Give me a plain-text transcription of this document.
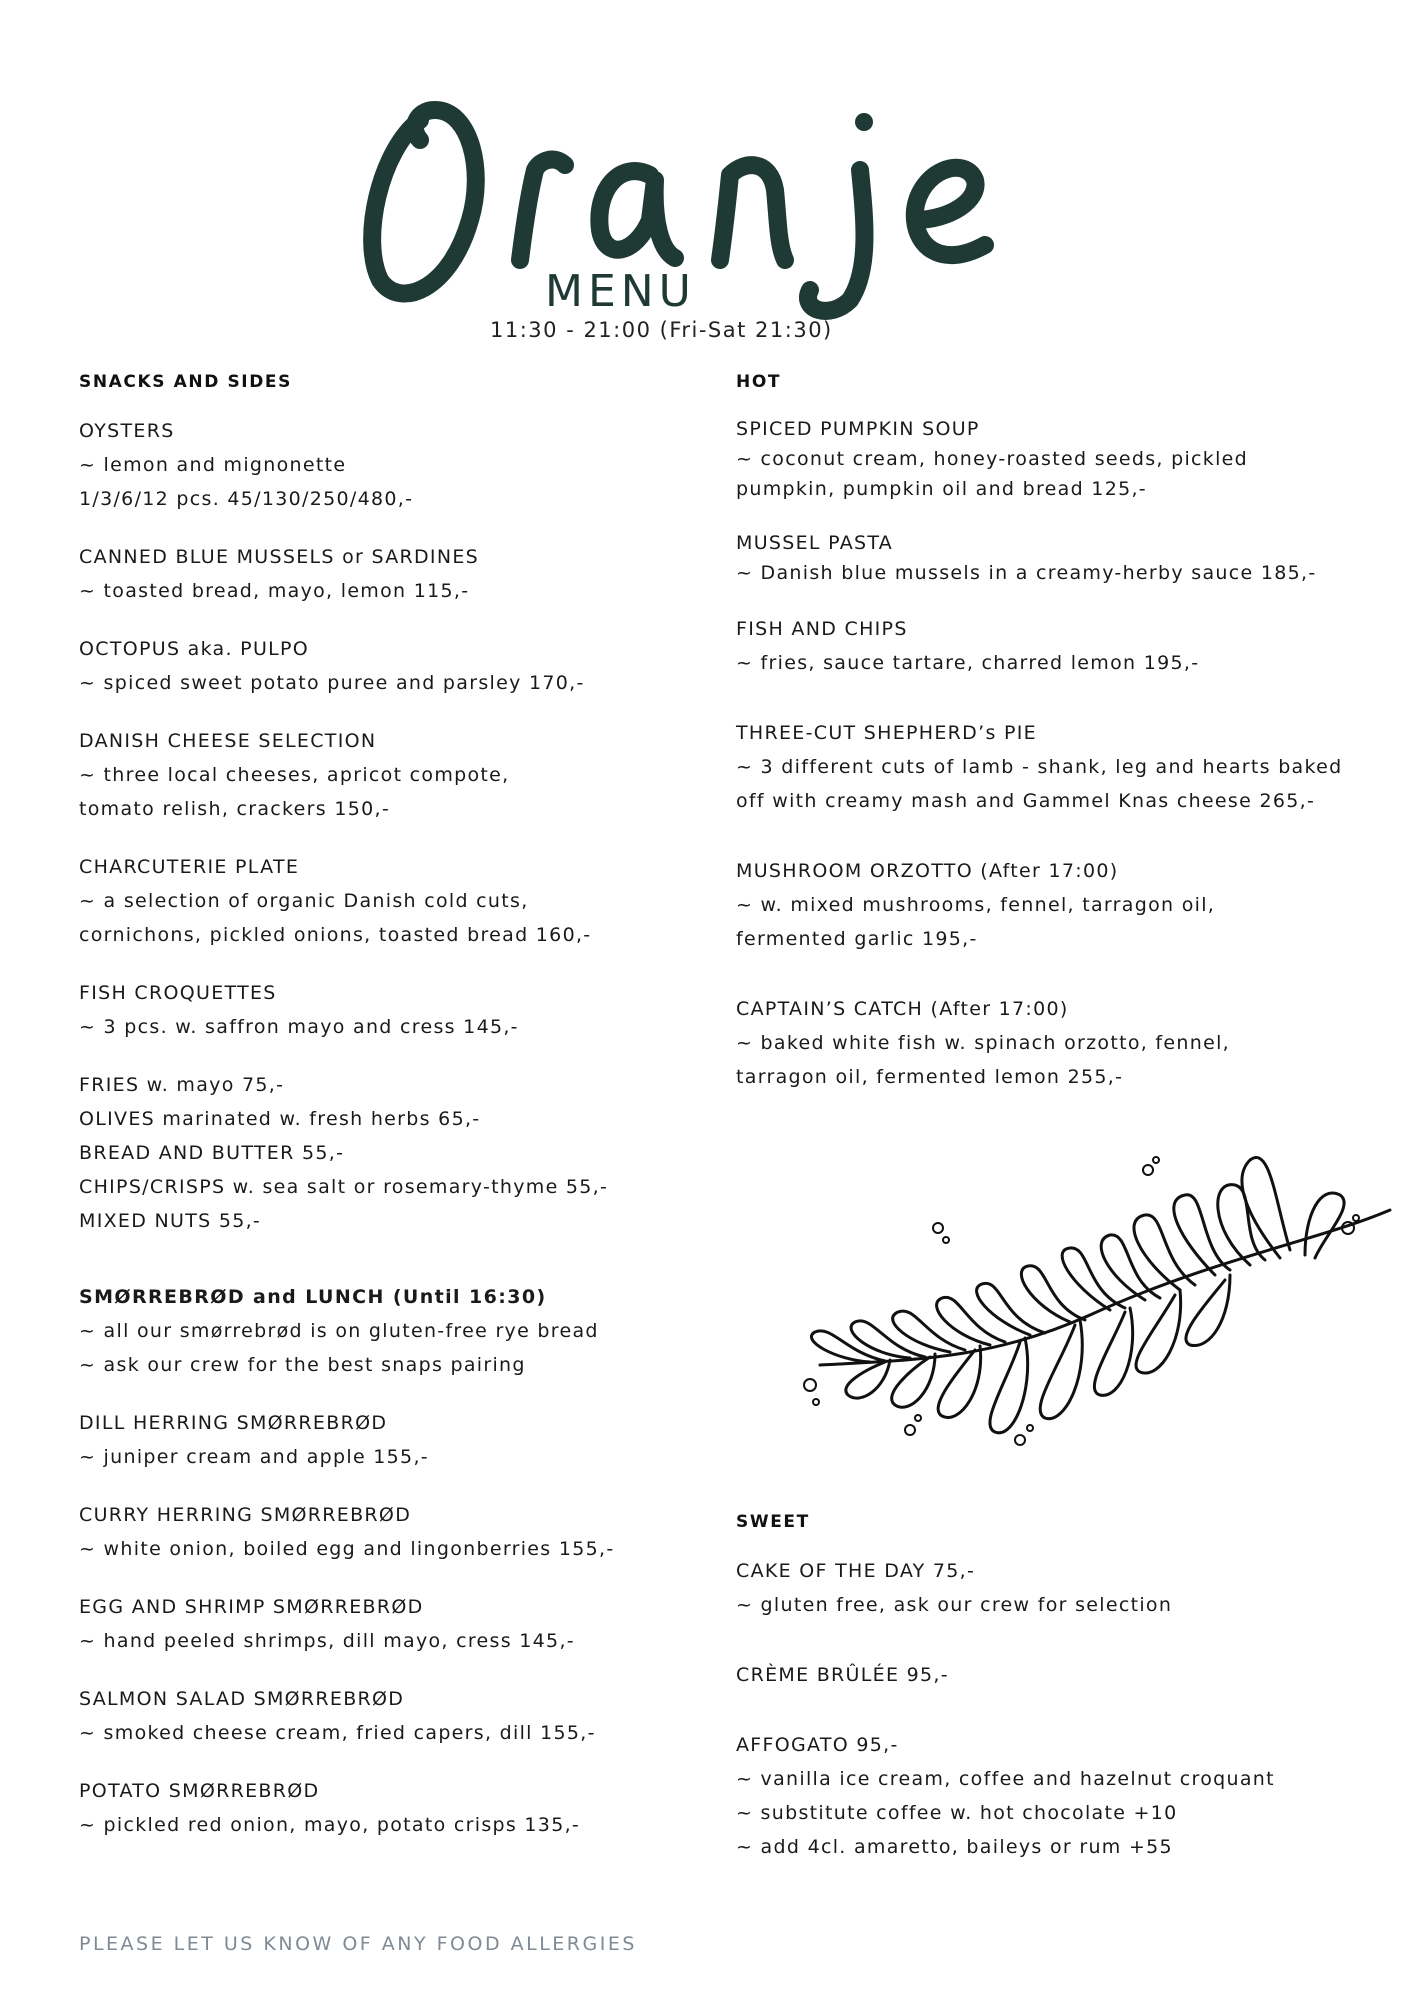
MENU
11:30 - 21:00 (Fri-Sat 21:30)
SNACKS AND SIDES
OYSTERS
~ lemon and mignonette
1/3/6/12 pcs. 45/130/250/480,-
CANNED BLUE MUSSELS or SARDINES
~ toasted bread, mayo, lemon 115,-
OCTOPUS aka. PULPO
~ spiced sweet potato puree and parsley 170,-
DANISH CHEESE SELECTION
~ three local cheeses, apricot compote,
tomato relish, crackers 150,-
CHARCUTERIE PLATE
~ a selection of organic Danish cold cuts,
cornichons, pickled onions, toasted bread 160,-
FISH CROQUETTES
~ 3 pcs. w. saffron mayo and cress 145,-
FRIES w. mayo 75,-
OLIVES marinated w. fresh herbs 65,-
BREAD AND BUTTER 55,-
CHIPS/CRISPS w. sea salt or rosemary-thyme 55,-
MIXED NUTS 55,-
SMØRREBRØD and LUNCH (Until 16:30)
~ all our smørrebrød is on gluten-free rye bread
~ ask our crew for the best snaps pairing
DILL HERRING SMØRREBRØD
~ juniper cream and apple 155,-
CURRY HERRING SMØRREBRØD
~ white onion, boiled egg and lingonberries 155,-
EGG AND SHRIMP SMØRREBRØD
~ hand peeled shrimps, dill mayo, cress 145,-
SALMON SALAD SMØRREBRØD
~ smoked cheese cream, fried capers, dill 155,-
POTATO SMØRREBRØD
~ pickled red onion, mayo, potato crisps 135,-
HOT
SPICED PUMPKIN SOUP
~ coconut cream, honey-roasted seeds, pickled
pumpkin, pumpkin oil and bread 125,-
MUSSEL PASTA
~ Danish blue mussels in a creamy-herby sauce 185,-
FISH AND CHIPS
~ fries, sauce tartare, charred lemon 195,-
THREE-CUT SHEPHERD’s PIE
~ 3 different cuts of lamb - shank, leg and hearts baked
off with creamy mash and Gammel Knas cheese 265,-
MUSHROOM ORZOTTO (After 17:00)
~ w. mixed mushrooms, fennel, tarragon oil,
fermented garlic 195,-
CAPTAIN’S CATCH (After 17:00)
~ baked white fish w. spinach orzotto, fennel,
tarragon oil, fermented lemon 255,-
SWEET
CAKE OF THE DAY 75,-
~ gluten free, ask our crew for selection
CRÈME BRÛLÉE 95,-
AFFOGATO 95,-
~ vanilla ice cream, coffee and hazelnut croquant
~ substitute coffee w. hot chocolate +10
~ add 4cl. amaretto, baileys or rum +55
PLEASE LET US KNOW OF ANY FOOD ALLERGIES
